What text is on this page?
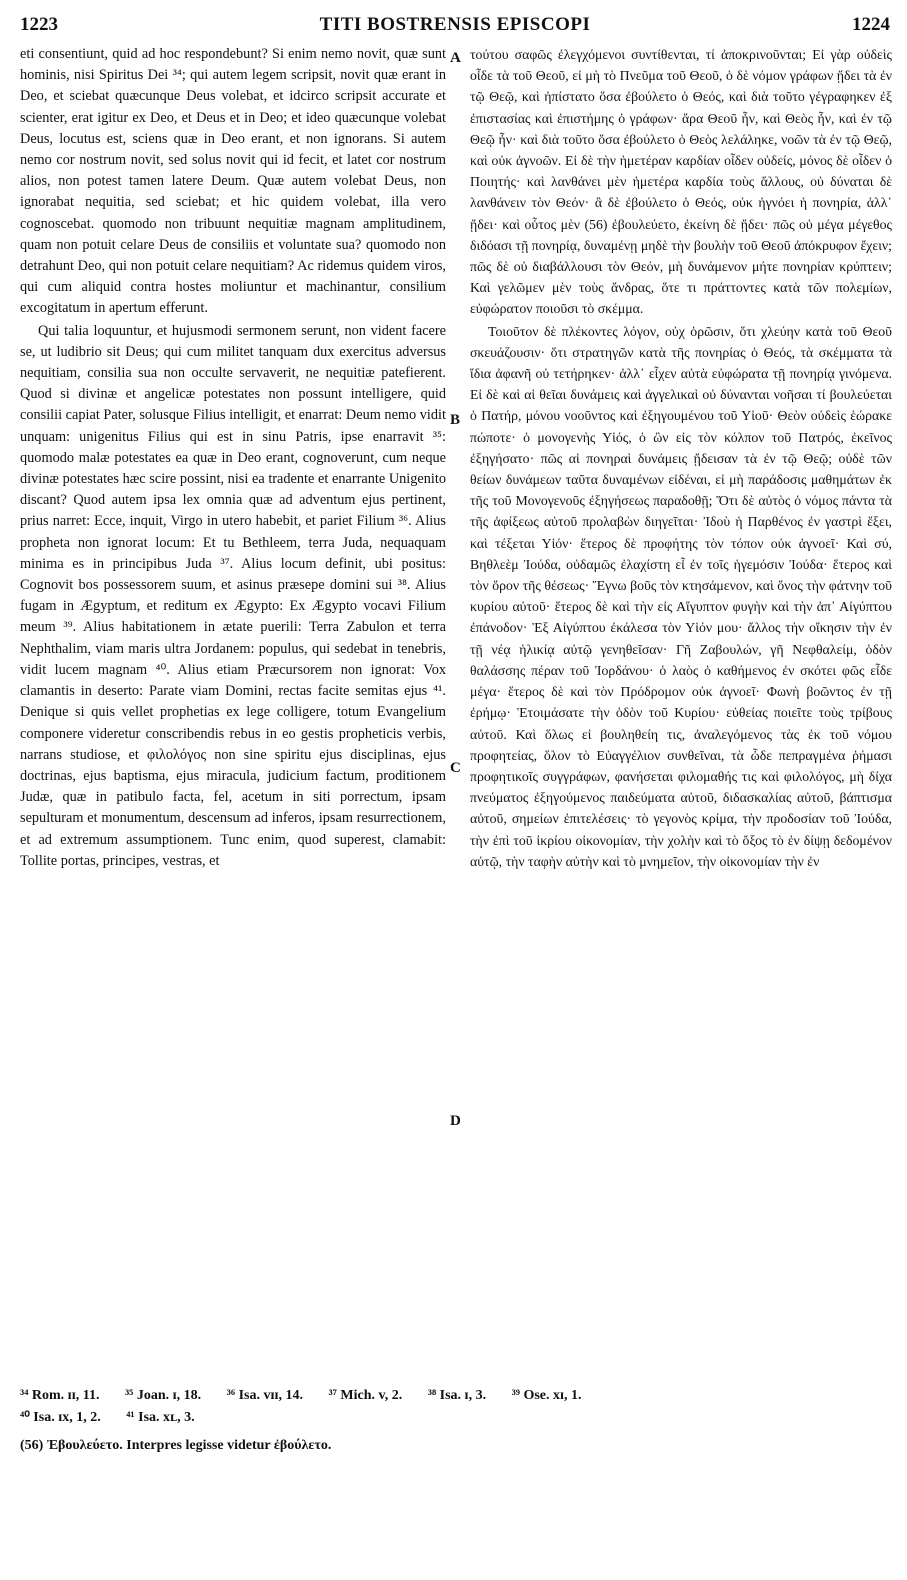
1223	TITI BOSTRENSIS EPISCOPI	1224

eti consentiunt, quid ad hoc respondebunt? Si enim nemo novit, quæ sunt hominis, nisi Spiritus Dei ³⁴; qui autem legem scripsit, novit quæ erant in Deo, et sciebat quæcunque Deus volebat, et idcirco scripsit accurate et scienter, erat igitur ex Deo, et Deus et in Deo; et ideo quæcunque volebat Deus, locutus est, sciens quæ in Deo erant, et non ignorans. Si autem nemo cor nostrum novit, sed solus novit qui id fecit, et latet cor nostrum alios, non potest tamen latere Deum. Quæ autem volebat Deus, non ignorabat nequitia, sed sciebat; et hic quidem volebat, illa vero cognoscebat. quomodo non tribuunt nequitiæ magnam amplitudinem, quam non potuit celare Deus de consiliis et voluntate sua? quomodo non detrahunt Deo, qui non potuit celare nequitiam? Ac ridemus quidem viros, qui cum aliquid contra hostes moliuntur et machinantur, consilium excogitatum in apertum efferunt.

Qui talia loquuntur, et hujusmodi sermonem serunt, non vident facere se, ut ludibrio sit Deus; qui cum militet tanquam dux exercitus adversus nequitiam, consilia sua non occulte servaverit, ne nequitiæ patefierent. Quod si divinæ et angelicæ potestates non possunt intelligere, quid consilii capiat Pater, solusque Filius intelligit, et enarrat: Deum nemo vidit unquam: unigenitus Filius qui est in sinu Patris, ipse enarravit ³⁵: quomodo malæ potestates ea quæ in Deo erant, cognoverunt, cum neque divinæ potestates hæc scire possint, nisi ea tradente et enarrante Unigenito discant? Quod autem ipsa lex omnia quæ ad adventum ejus pertinent, prius narret: Ecce, inquit, Virgo in utero habebit, et pariet Filium ³⁶. Alius propheta non ignorat locum: Et tu Bethleem, terra Juda, nequaquam minima es in principibus Juda ³⁷. Alius locum definit, ubi positus: Cognovit bos possessorem suum, et asinus præsepe domini sui ³⁸. Alius fugam in Ægyptum, et reditum ex Ægypto: Ex Ægypto vocavi Filium meum ³⁹. Alius habitationem in ætate puerili: Terra Zabulon et terra Nephthalim, viam maris ultra Jordanem: populus, qui sedebat in tenebris, vidit lucem magnam ⁴⁰. Alius etiam Præcursorem non ignorat: Vox clamantis in deserto: Parate viam Domini, rectas facite semitas ejus ⁴¹. Denique si quis vellet prophetias ex lege colligere, totum Evangelium componere videretur conscribendis rebus in eo gestis propheticis verbis, narrans studiose, et φιλολόγος non sine spiritu ejus disciplinas, ejus doctrinas, ejus baptisma, ejus miracula, judicium factum, proditionem Judæ, quæ in patibulo facta, fel, acetum in siti porrectum, ipsam sepulturam et monumentum, descensum ad inferos, ipsam resurrectionem, et ad extremum assumptionem. Tunc enim, quod superest, clamabit: Tollite portas, principes, vestras, et

A
B
C
D

τούτου σαφῶς ἐλεγχόμενοι συντίθενται, τί ἀποκρινοῦνται; Εἰ γὰρ οὐδεὶς οἶδε τὰ τοῦ Θεοῦ, εἰ μὴ τὸ Πνεῦμα τοῦ Θεοῦ, ὁ δὲ νόμον γράφων ᾔδει τὰ ἐν τῷ Θεῷ, καὶ ἠπίστατο ὅσα ἐβούλετο ὁ Θεός, καὶ διὰ τοῦτο γέγραφηκεν ἐξ ἐπιστασίας καὶ ἐπιστήμης ὁ γράφων· ἄρα Θεοῦ ἦν, καὶ Θεὸς ἦν, καὶ ἐν τῷ Θεῷ ἦν· καὶ διὰ τοῦτο ὅσα ἐβούλετο ὁ Θεὸς λελάληκε, νοῶν τὰ ἐν τῷ Θεῷ, καὶ οὐκ ἀγνοῶν. Εἰ δὲ τὴν ἡμετέραν καρδίαν οἶδεν οὐδείς, μόνος δὲ οἶδεν ὁ Ποιητής· καὶ λανθάνει μὲν ἡμετέρα καρδία τοὺς ἄλλους, οὐ δύναται δὲ λανθάνειν τὸν Θεόν· ἃ δὲ ἐβούλετο ὁ Θεός, οὐκ ἠγνόει ἡ πονηρία, ἀλλ᾽ ᾔδει· καὶ οὗτος μὲν (56) ἐβουλεύετο, ἐκείνη δὲ ᾔδει· πῶς οὐ μέγα μέγεθος διδόασι τῇ πονηρίᾳ, δυναμένῃ μηδὲ τὴν βουλὴν τοῦ Θεοῦ ἀπόκρυφον ἔχειν; πῶς δὲ οὐ διαβάλλουσι τὸν Θεόν, μὴ δυνάμενον μήτε πονηρίαν κρύπτειν; Καὶ γελῶμεν μὲν τοὺς ἄνδρας, ὅτε τι πράττοντες κατὰ τῶν πολεμίων, εὐφώρατον ποιοῦσι τὸ σκέμμα.

Τοιοῦτον δὲ πλέκοντες λόγον, οὐχ ὁρῶσιν, ὅτι χλεύην κατὰ τοῦ Θεοῦ σκευάζουσιν· ὅτι στρατηγῶν κατὰ τῆς πονηρίας ὁ Θεός, τὰ σκέμματα τὰ ἴδια ἀφανῆ οὐ τετήρηκεν· ἀλλ᾽ εἶχεν αὐτὰ εὐφώρατα τῇ πονηρίᾳ γινόμενα. Εἰ δὲ καὶ αἱ θεῖαι δυνάμεις καὶ ἀγγελικαὶ οὐ δύνανται νοῆσαι τί βουλεύεται ὁ Πατήρ, μόνου νοοῦντος καὶ ἐξηγουμένου τοῦ Υἱοῦ· Θεὸν οὐδεὶς ἑώρακε πώποτε· ὁ μονογενὴς Υἱός, ὁ ὢν εἰς τὸν κόλπον τοῦ Πατρός, ἐκεῖνος ἐξηγήσατο· πῶς αἱ πονηραὶ δυνάμεις ᾔδεισαν τὰ ἐν τῷ Θεῷ; οὐδὲ τῶν θείων δυνάμεων ταῦτα δυναμένων εἰδέναι, εἰ μὴ παράδοσις μαθημάτων ἐκ τῆς τοῦ Μονογενοῦς ἐξηγήσεως παραδοθῇ; Ὅτι δὲ αὐτὸς ὁ νόμος πάντα τὰ τῆς ἀφίξεως αὐτοῦ προλαβὼν διηγεῖται· Ἰδοὺ ἡ Παρθένος ἐν γαστρὶ ἕξει, καὶ τέξεται Υἱόν· ἕτερος δὲ προφήτης τὸν τόπον οὐκ ἀγνοεῖ· Καὶ σύ, Βηθλεὲμ Ἰούδα, οὐδαμῶς ἐλαχίστη εἶ ἐν τοῖς ἡγεμόσιν Ἰούδα· ἕτερος καὶ τὸν ὅρον τῆς θέσεως· Ἔγνω βοῦς τὸν κτησάμενον, καὶ ὄνος τὴν φάτνην τοῦ κυρίου αὐτοῦ· ἕτερος δὲ καὶ τὴν εἰς Αἴγυπτον φυγὴν καὶ τὴν ἀπ᾽ Αἰγύπτου ἐπάνοδον· Ἐξ Αἰγύπτου ἐκάλεσα τὸν Υἱόν μου· ἄλλος τὴν οἴκησιν τὴν ἐν τῇ νέᾳ ἡλικίᾳ αὐτῷ γενηθεῖσαν· Γῆ Ζαβουλών, γῆ Νεφθαλείμ, ὁδὸν θαλάσσης πέραν τοῦ Ἰορδάνου· ὁ λαὸς ὁ καθήμενος ἐν σκότει φῶς εἶδε μέγα· ἕτερος δὲ καὶ τὸν Πρόδρομον οὐκ ἀγνοεῖ· Φωνὴ βοῶντος ἐν τῇ ἐρήμῳ· Ἑτοιμάσατε τὴν ὁδὸν τοῦ Κυρίου· εὐθείας ποιεῖτε τοὺς τρίβους αὐτοῦ. Καὶ ὅλως εἰ βουληθείη τις, ἀναλεγόμενος τὰς ἐκ τοῦ νόμου προφητείας, ὅλον τὸ Εὐαγγέλιον συνθεῖναι, τὰ ὧδε πεπραγμένα ῥήμασι προφητικοῖς συγγράφων, φανήσεται φιλομαθής τις καὶ φιλολόγος, μὴ δίχα πνεύματος ἐξηγούμενος παιδεύματα αὐτοῦ, διδασκαλίας αὐτοῦ, βάπτισμα αὐτοῦ, σημείων ἐπιτελέσεις· τὸ γεγονὸς κρίμα, τὴν προδοσίαν τοῦ Ἰούδα, τὴν ἐπὶ τοῦ ἰκρίου οἰκονομίαν, τὴν χολὴν καὶ τὸ ὄξος τὸ ἐν δίψῃ δεδομένον αὐτῷ, τὴν ταφὴν αὐτὴν καὶ τὸ μνημεῖον, τὴν οἰκονομίαν τὴν ἐν

³⁴ Rom. ɪɪ, 11. ³⁵ Joan. ɪ, 18. ³⁶ Isa. vɪɪ, 14. ³⁷ Mich. v, 2. ³⁸ Isa. ɪ, 3. ³⁹ Ose. xɪ, 1.
⁴⁰ Isa. ɪx, 1, 2. ⁴¹ Isa. xʟ, 3.
(56) Ἐβουλεύετο. Interpres legisse videtur ἐβούλετο.
